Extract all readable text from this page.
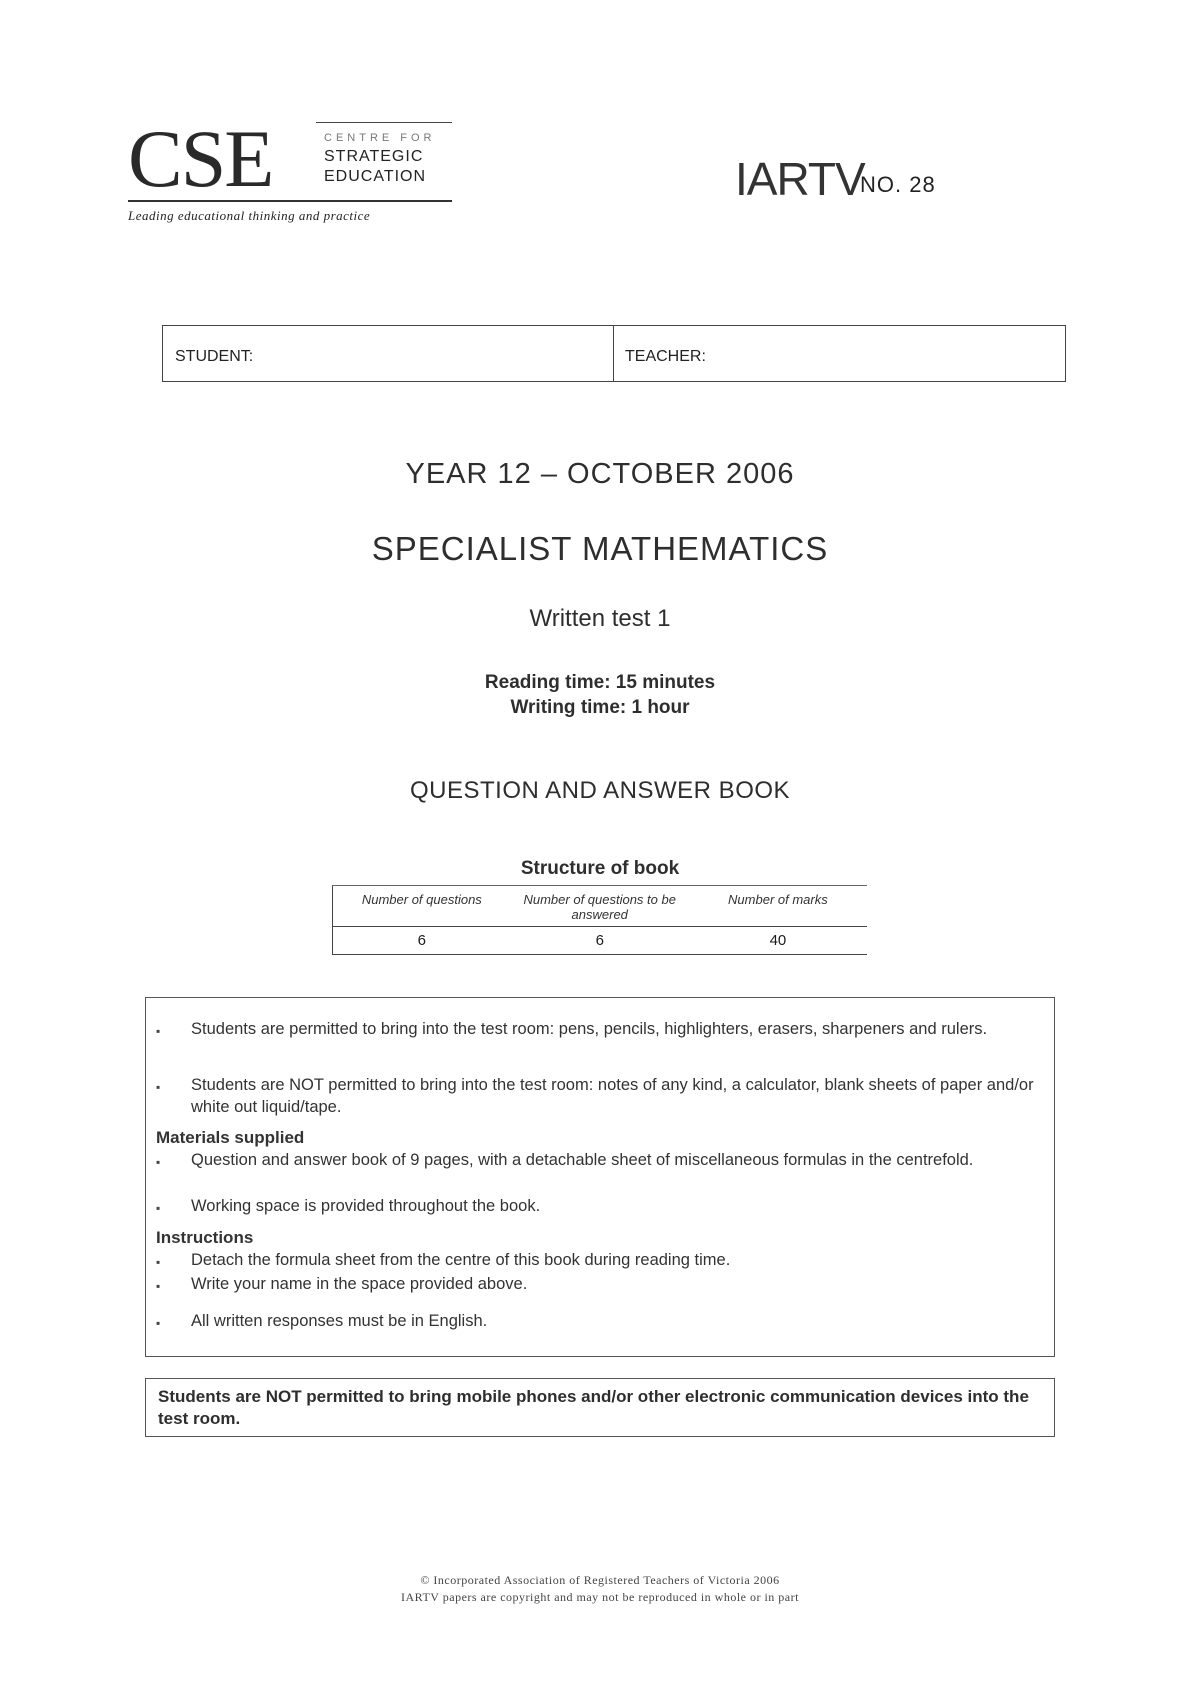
CSE	CENTRE FOR
STRATEGIC
EDUCATION
Leading educational thinking and practice
IARTV
NO. 28
STUDENT:	TEACHER:
YEAR 12 – OCTOBER 2006
SPECIALIST MATHEMATICS
Written test 1
Reading time: 15 minutes
Writing time: 1 hour
QUESTION AND ANSWER BOOK
Structure of book
Number of questions	Number of questions to be answered	Number of marks
6	6	40
▪ Students are permitted to bring into the test room: pens, pencils, highlighters, erasers, sharpeners and rulers.
▪ Students are NOT permitted to bring into the test room: notes of any kind, a calculator, blank sheets of paper and/or white out liquid/tape.
Materials supplied
▪ Question and answer book of 9 pages, with a detachable sheet of miscellaneous formulas in the centrefold.
▪ Working space is provided throughout the book.
Instructions
▪ Detach the formula sheet from the centre of this book during reading time.
▪ Write your name in the space provided above.
▪ All written responses must be in English.
Students are NOT permitted to bring mobile phones and/or other electronic communication devices into the test room.
© Incorporated Association of Registered Teachers of Victoria 2006
IARTV papers are copyright and may not be reproduced in whole or in part
